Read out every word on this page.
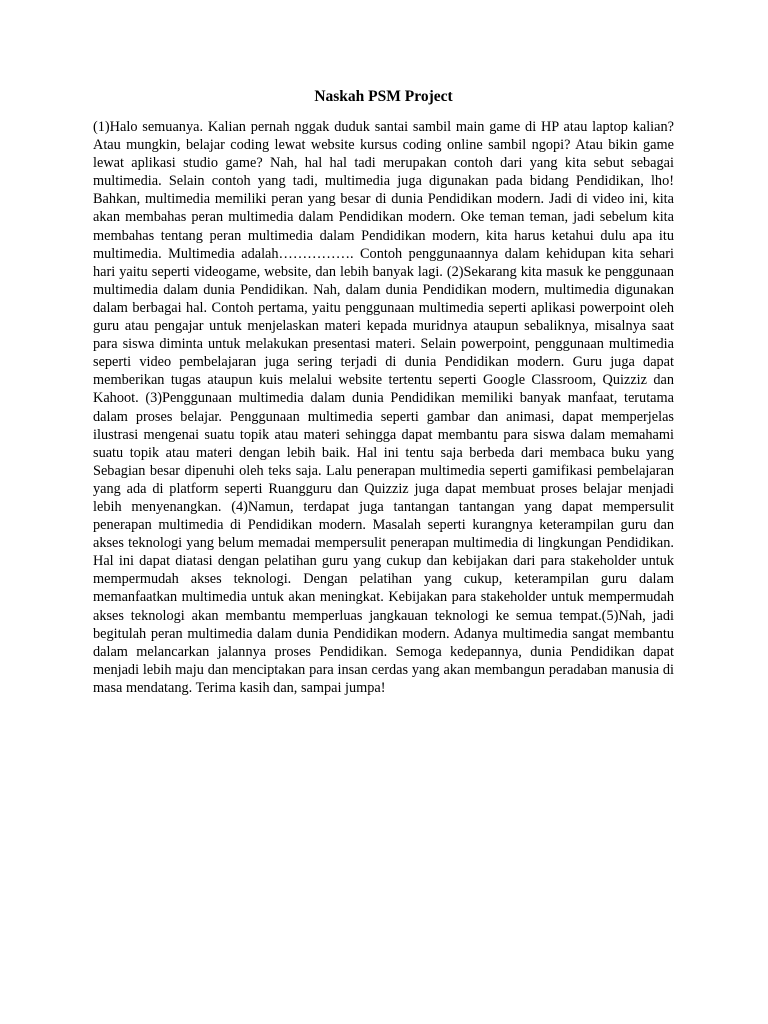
Naskah PSM Project

(1)Halo semuanya. Kalian pernah nggak duduk santai sambil main game di HP atau laptop kalian? Atau mungkin, belajar coding lewat website kursus coding online sambil ngopi? Atau bikin game lewat aplikasi studio game? Nah, hal hal tadi merupakan contoh dari yang kita sebut sebagai multimedia. Selain contoh yang tadi, multimedia juga digunakan pada bidang Pendidikan, lho! Bahkan, multimedia memiliki peran yang besar di dunia Pendidikan modern. Jadi di video ini, kita akan membahas peran multimedia dalam Pendidikan modern. Oke teman teman, jadi sebelum kita membahas tentang peran multimedia dalam Pendidikan modern, kita harus ketahui dulu apa itu multimedia. Multimedia adalah……………. Contoh penggunaannya dalam kehidupan kita sehari hari yaitu seperti videogame, website, dan lebih banyak lagi. (2)Sekarang kita masuk ke penggunaan multimedia dalam dunia Pendidikan. Nah, dalam dunia Pendidikan modern, multimedia digunakan dalam berbagai hal. Contoh pertama, yaitu penggunaan multimedia seperti aplikasi powerpoint oleh guru atau pengajar untuk menjelaskan materi kepada muridnya ataupun sebaliknya, misalnya saat para siswa diminta untuk melakukan presentasi materi. Selain powerpoint, penggunaan multimedia seperti video pembelajaran juga sering terjadi di dunia Pendidikan modern. Guru juga dapat memberikan tugas ataupun kuis melalui website tertentu seperti Google Classroom, Quizziz dan Kahoot. (3)Penggunaan multimedia dalam dunia Pendidikan memiliki banyak manfaat, terutama dalam proses belajar. Penggunaan multimedia seperti gambar dan animasi, dapat memperjelas ilustrasi mengenai suatu topik atau materi sehingga dapat membantu para siswa dalam memahami suatu topik atau materi dengan lebih baik. Hal ini tentu saja berbeda dari membaca buku yang Sebagian besar dipenuhi oleh teks saja. Lalu penerapan multimedia seperti gamifikasi pembelajaran yang ada di platform seperti Ruangguru dan Quizziz juga dapat membuat proses belajar menjadi lebih menyenangkan. (4)Namun, terdapat juga tantangan tantangan yang dapat mempersulit penerapan multimedia di Pendidikan modern. Masalah seperti kurangnya keterampilan guru dan   akses teknologi yang belum memadai mempersulit penerapan multimedia di lingkungan Pendidikan. Hal ini dapat diatasi dengan pelatihan guru yang cukup dan kebijakan dari para stakeholder untuk mempermudah akses teknologi. Dengan pelatihan yang cukup, keterampilan guru dalam memanfaatkan multimedia untuk akan meningkat. Kebijakan para stakeholder untuk mempermudah akses teknologi akan membantu memperluas jangkauan teknologi ke semua tempat.(5)Nah, jadi begitulah peran multimedia dalam dunia Pendidikan modern. Adanya multimedia sangat membantu dalam melancarkan jalannya proses Pendidikan. Semoga kedepannya, dunia Pendidikan dapat menjadi lebih maju dan menciptakan para insan cerdas yang akan membangun peradaban manusia di masa mendatang. Terima kasih dan, sampai jumpa!
